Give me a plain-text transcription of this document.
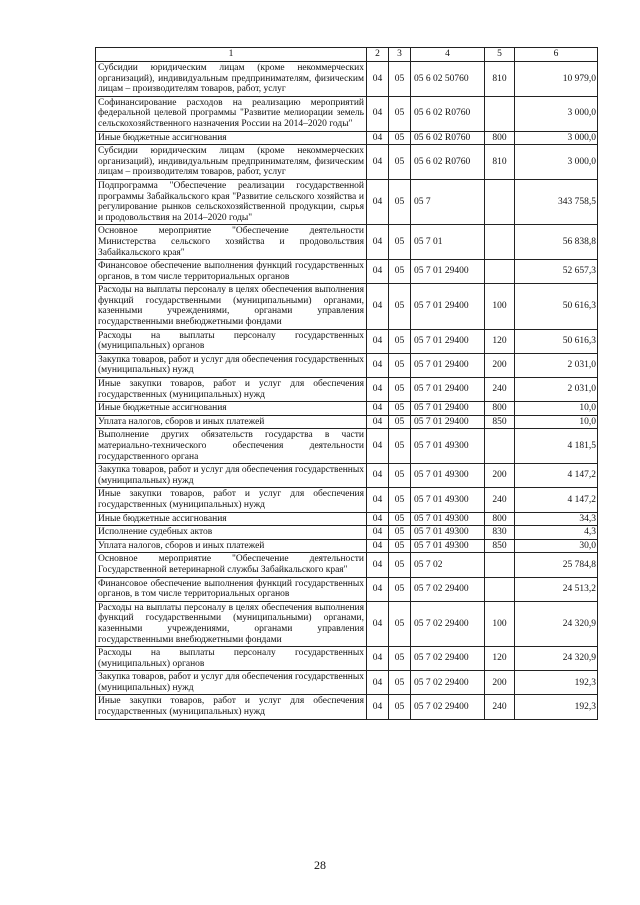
1	2	3	4	5	6
Субсидии юридическим лицам (кроме некоммерческих организаций), индивидуальным предпринимателям, физическим лицам – производителям товаров, работ, услуг	04	05	05 6 02 50760	810	10 979,0
Софинансирование расходов на реализацию мероприятий федеральной целевой программы "Развитие мелиорации земель сельскохозяйственного назначения России на 2014–2020 годы"	04	05	05 6 02 R0760		3 000,0
Иные бюджетные ассигнования	04	05	05 6 02 R0760	800	3 000,0
Субсидии юридическим лицам (кроме некоммерческих организаций), индивидуальным предпринимателям, физическим лицам – производителям товаров, работ, услуг	04	05	05 6 02 R0760	810	3 000,0
Подпрограмма "Обеспечение реализации государственной программы Забайкальского края "Развитие сельского хозяйства и регулирование рынков сельскохозяйственной продукции, сырья и продовольствия на 2014–2020 годы"	04	05	05 7		343 758,5
Основное мероприятие "Обеспечение деятельности Министерства сельского хозяйства и продовольствия Забайкальского края"	04	05	05 7 01		56 838,8
Финансовое обеспечение выполнения функций государственных органов, в том числе территориальных органов	04	05	05 7 01 29400		52 657,3
Расходы на выплаты персоналу в целях обеспечения выполнения функций государственными (муниципальными) органами, казенными учреждениями, органами управления государственными внебюджетными фондами	04	05	05 7 01 29400	100	50 616,3
Расходы на выплаты персоналу государственных (муниципальных) органов	04	05	05 7 01 29400	120	50 616,3
Закупка товаров, работ и услуг для обеспечения государственных (муниципальных) нужд	04	05	05 7 01 29400	200	2 031,0
Иные закупки товаров, работ и услуг для обеспечения государственных (муниципальных) нужд	04	05	05 7 01 29400	240	2 031,0
Иные бюджетные ассигнования	04	05	05 7 01 29400	800	10,0
Уплата налогов, сборов и иных платежей	04	05	05 7 01 29400	850	10,0
Выполнение других обязательств государства в части материально-технического обеспечения деятельности государственного органа	04	05	05 7 01 49300		4 181,5
Закупка товаров, работ и услуг для обеспечения государственных (муниципальных) нужд	04	05	05 7 01 49300	200	4 147,2
Иные закупки товаров, работ и услуг для обеспечения государственных (муниципальных) нужд	04	05	05 7 01 49300	240	4 147,2
Иные бюджетные ассигнования	04	05	05 7 01 49300	800	34,3
Исполнение судебных актов	04	05	05 7 01 49300	830	4,3
Уплата налогов, сборов и иных платежей	04	05	05 7 01 49300	850	30,0
Основное мероприятие "Обеспечение деятельности Государственной ветеринарной службы Забайкальского края"	04	05	05 7 02		25 784,8
Финансовое обеспечение выполнения функций государственных органов, в том числе территориальных органов	04	05	05 7 02 29400		24 513,2
Расходы на выплаты персоналу в целях обеспечения выполнения функций государственными (муниципальными) органами, казенными учреждениями, органами управления государственными внебюджетными фондами	04	05	05 7 02 29400	100	24 320,9
Расходы на выплаты персоналу государственных (муниципальных) органов	04	05	05 7 02 29400	120	24 320,9
Закупка товаров, работ и услуг для обеспечения государственных (муниципальных) нужд	04	05	05 7 02 29400	200	192,3
Иные закупки товаров, работ и услуг для обеспечения государственных (муниципальных) нужд	04	05	05 7 02 29400	240	192,3
28
